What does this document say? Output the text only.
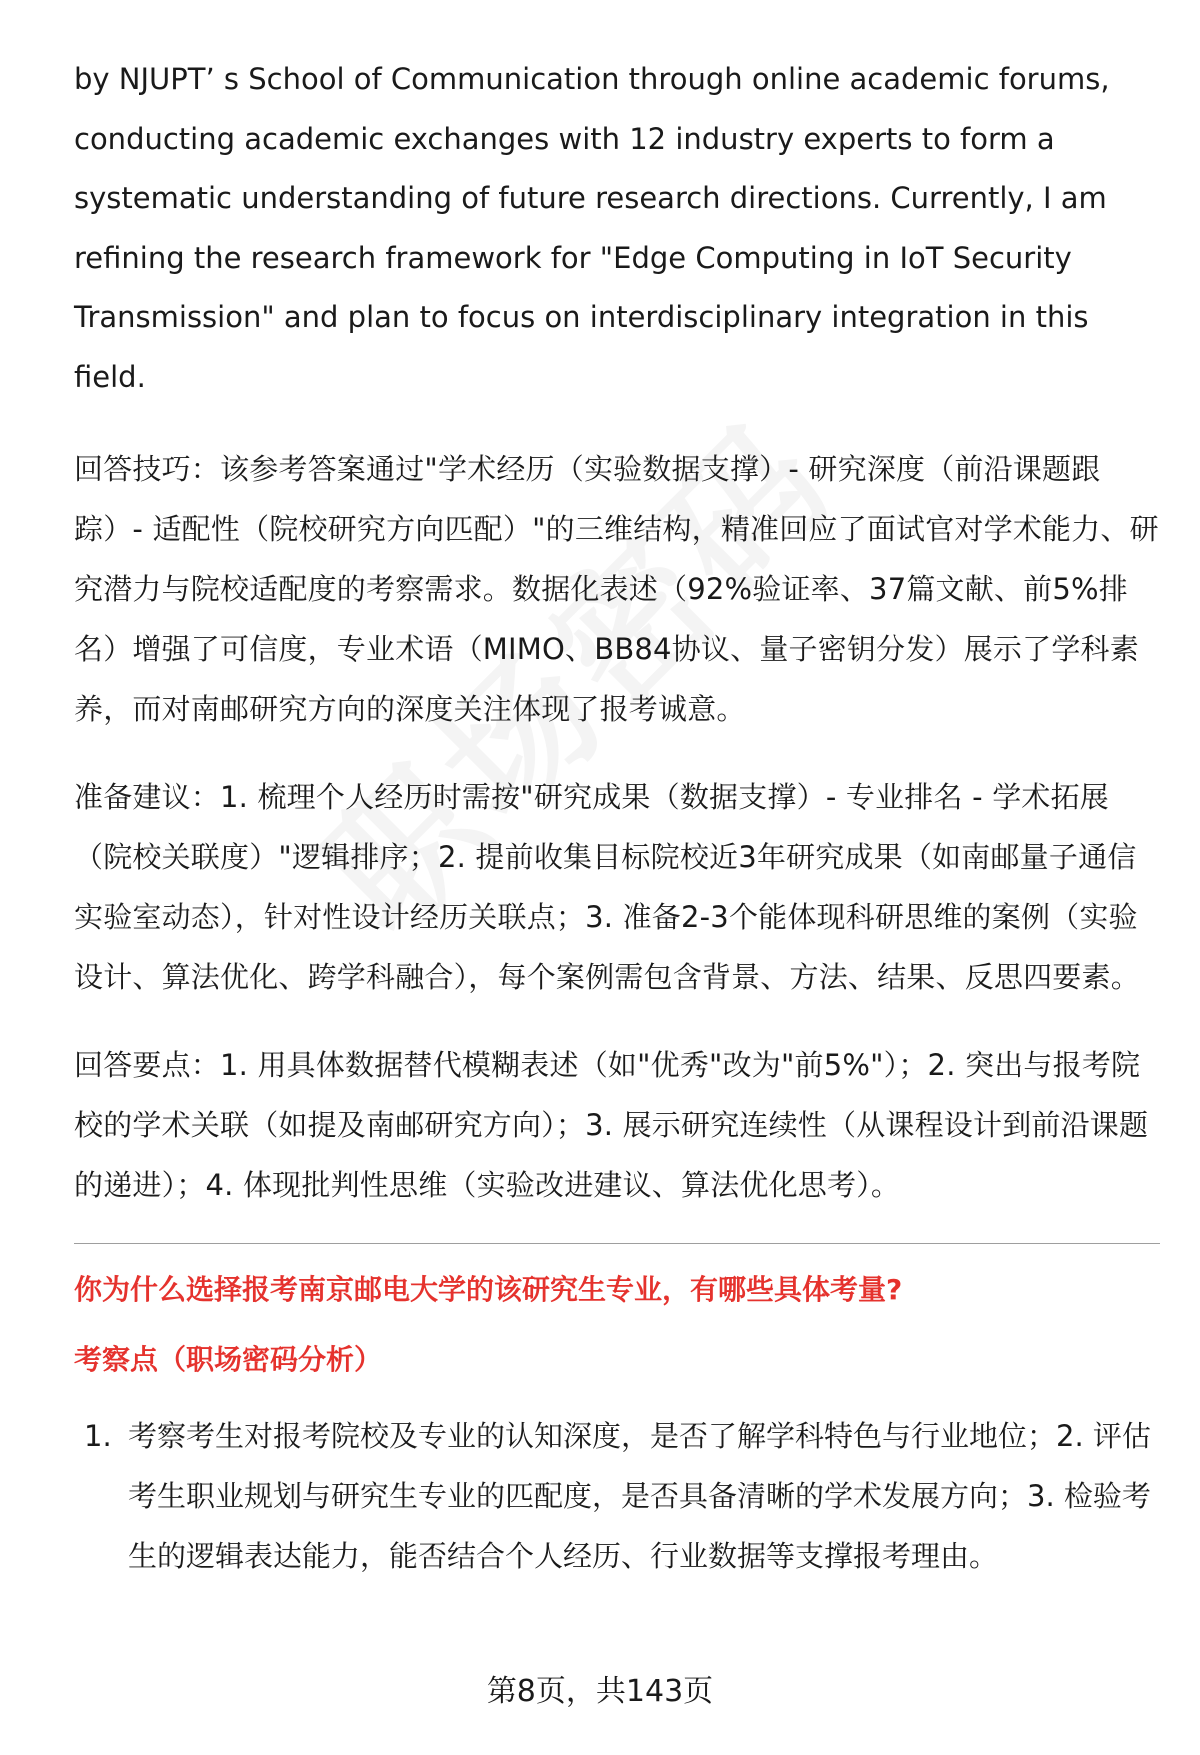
by NJUPT’ s School of Communication through online academic forums, conducting academic exchanges with 12 industry experts to form a systematic understanding of future research directions. Currently, I am refining the research framework for "Edge Computing in IoT Security Transmission" and plan to focus on interdisciplinary integration in this field.

回答技巧：该参考答案通过"学术经历（实验数据支撑）- 研究深度（前沿课题跟踪）- 适配性（院校研究方向匹配）"的三维结构，精准回应了面试官对学术能力、研究潜力与院校适配度的考察需求。数据化表述（92%验证率、37篇文献、前5%排名）增强了可信度，专业术语（MIMO、BB84协议、量子密钥分发）展示了学科素养，而对南邮研究方向的深度关注体现了报考诚意。

准备建议：1. 梳理个人经历时需按"研究成果（数据支撑）- 专业排名 - 学术拓展（院校关联度）"逻辑排序；2. 提前收集目标院校近3年研究成果（如南邮量子通信实验室动态），针对性设计经历关联点；3. 准备2-3个能体现科研思维的案例（实验设计、算法优化、跨学科融合），每个案例需包含背景、方法、结果、反思四要素。

回答要点：1. 用具体数据替代模糊表述（如"优秀"改为"前5%"）；2. 突出与报考院校的学术关联（如提及南邮研究方向）；3. 展示研究连续性（从课程设计到前沿课题的递进）；4. 体现批判性思维（实验改进建议、算法优化思考）。

你为什么选择报考南京邮电大学的该研究生专业，有哪些具体考量?
考察点（职场密码分析）
1. 考察考生对报考院校及专业的认知深度，是否了解学科特色与行业地位；2. 评估考生职业规划与研究生专业的匹配度，是否具备清晰的学术发展方向；3. 检验考生的逻辑表达能力，能否结合个人经历、行业数据等支撑报考理由。
第8页，共143页
